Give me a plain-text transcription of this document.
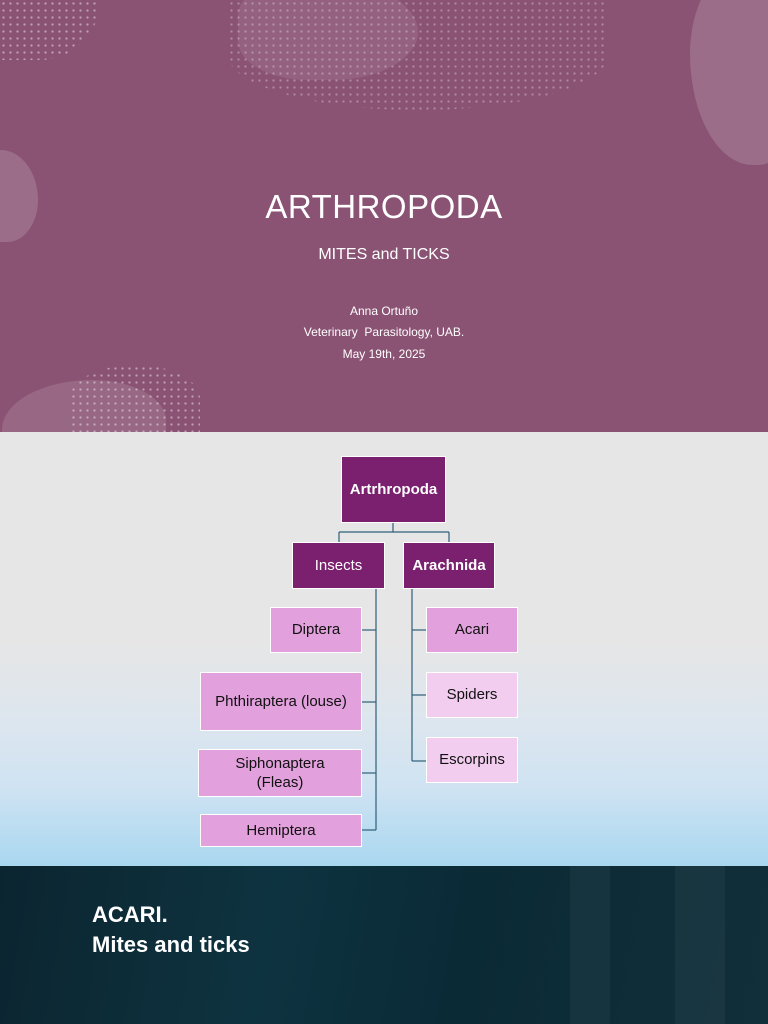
ARTHROPODA
MITES and TICKS
Anna Ortuño
Veterinary  Parasitology, UAB.
May 19th, 2025
Artrhropoda
Insects	Arachnida
Diptera
Phthiraptera (louse)
Siphonaptera
(Fleas)
Hemiptera
Acari
Spiders
Escorpins
ACARI.
Mites and ticks
